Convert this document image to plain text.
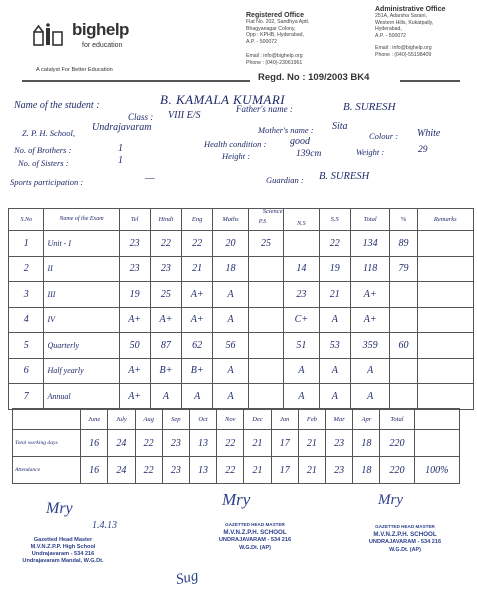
bighelp
for education
A catalyst For Better Education
Registered Office
Flat No. 202, Sandhya Aptt.
Bhagyanagar Colony,
Opp : KPHB, Hyderabad,
A.P. - 500072
Email : info@bighelp.org
Phone : (040)-23061961
Administrative Office
251A, Adarsha Sarani,
Western Hills, Kukatpally,
Hyderabad,
A.P. - 500072
Email : info@bighelp.org
Phone : (040)-55198409
Regd. No : 109/2003 BK4
Name of the student :	B. KAMALA KUMARI
Class : VIII E/S
Father's name :	B. SURESH
Z. P. H. School, Undrajavaram	Mother's name : Sita
No. of Brothers :	1
No. of Sisters :	1
Health condition : good
Height :	139cm
Colour : White
Weight :	29
Sports participation :	—	Guardian : B. SURESH
S.No	Name of the Exam	Tel	Hindi	Eng	Maths	Science
P.S	N.S	S.S	Total	%	Remarks
1	Unit - I	23	22	22	20	25		22	134	89	
2	II	23	23	21	18		14	19	118	79	
3	III	19	25	A+	A		23	21	A+		
4	IV	A+	A+	A+	A		C+	A	A+		
5	Quarterly	50	87	62	56		51	53	359	60	
6	Half yearly	A+	B+	B+	A		A	A	A		
7	Annual	A+	A	A	A		A	A	A		
	June	July	Aug	Sep	Oct	Nov	Dec	Jan	Feb	Mar	Apr	Total	
Total working days	16	24	22	23	13	22	21	17	21	23	18	220	
Attendance	16	24	22	23	13	22	21	17	21	23	18	220	100%
Mry
1.4.13
Gazetted Head Master
M.V.N.Z.P.P. High School
Undrajavaram - 534 216
Undrajavaram Mandal, W.G.Dt.
Mry
GAZETTED HEAD MASTER
M.V.N.Z.P.H. SCHOOL
UNDRAJAVARAM - 534 216
W.G.Dt. (AP)
Mry
GAZETTED HEAD MASTER
M.V.N.Z.P.H. SCHOOL
UNDRAJAVARAM - 534 216
W.G.Dt. (AP)
Sug
